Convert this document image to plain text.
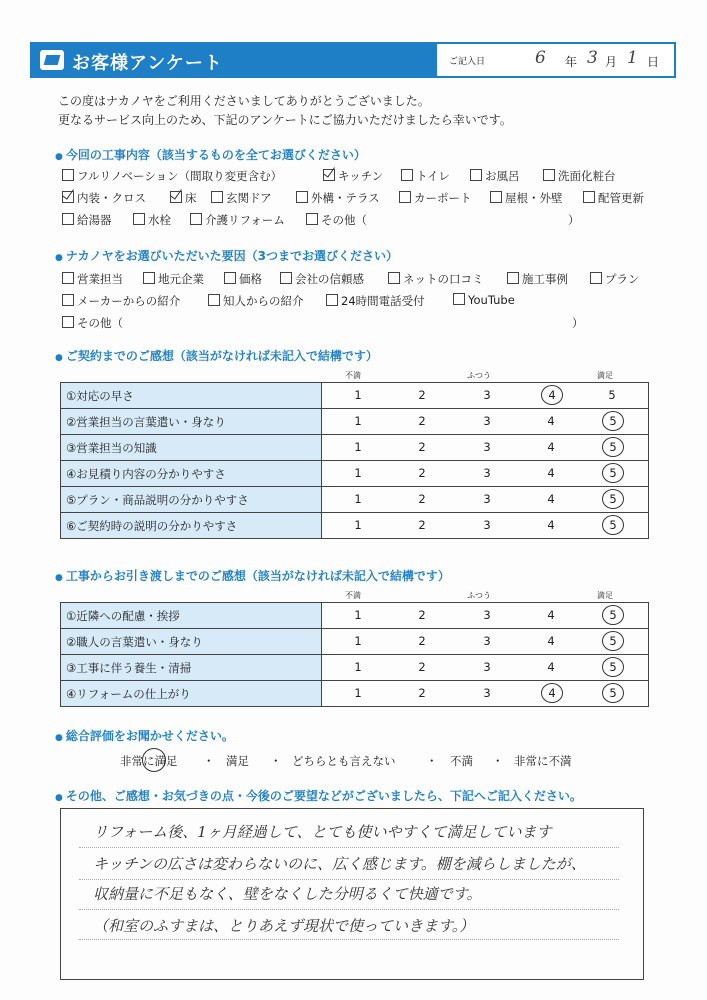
お客様アンケート	ご記入日	6 年 3 月 1 日
この度はナカノヤをご利用くださいましてありがとうございました。
更なるサービス向上のため、下記のアンケートにご協力いただけましたら幸いです。
● 今回の工事内容（該当するものを全てお選びください）
フルリノベーション（間取り変更含む）	キッチン	トイレ	お風呂	洗面化粧台
内装・クロス	床	玄関ドア	外構・テラス	カーポート	屋根・外壁	配管更新
給湯器	水栓	介護リフォーム	その他（	）
● ナカノヤをお選びいただいた要因（3つまでお選びください）
営業担当	地元企業	価格	会社の信頼感	ネットの口コミ	施工事例	プラン
メーカーからの紹介	知人からの紹介	24時間電話受付	YouTube
その他（	）
● ご契約までのご感想（該当がなければ未記入で結構です）
不満	ふつう	満足
①対応の早さ	1 2 3 4 5

②営業担当の言葉遣い・身なり	1 2 3 4 5

③営業担当の知識	1 2 3 4 5

④お見積り内容の分かりやすさ	1 2 3 4 5

⑤プラン・商品説明の分かりやすさ	1 2 3 4 5

⑥ご契約時の説明の分かりやすさ	1 2 3 4 5
● 工事からお引き渡しまでのご感想（該当がなければ未記入で結構です）
不満	ふつう	満足
①近隣への配慮・挨拶	1 2 3 4 5

②職人の言葉遣い・身なり	1 2 3 4 5

③工事に伴う養生・清掃	1 2 3 4 5

④リフォームの仕上がり	1 2 3 4 5
● 総合評価をお聞かせください。
非常に満足 ・ 満足 ・ どちらとも言えない	・ 不満 ・ 非常に不満
● その他、ご感想・お気づきの点・今後のご要望などがございましたら、下記へご記入ください。
リフォーム後、1ヶ月経過して、とても使いやすくて満足しています
キッチンの広さは変わらないのに、広く感じます。棚を減らしましたが、
収納量に不足もなく、壁をなくした分明るくて快適です。
（和室のふすまは、とりあえず現状で使っていきます。）
